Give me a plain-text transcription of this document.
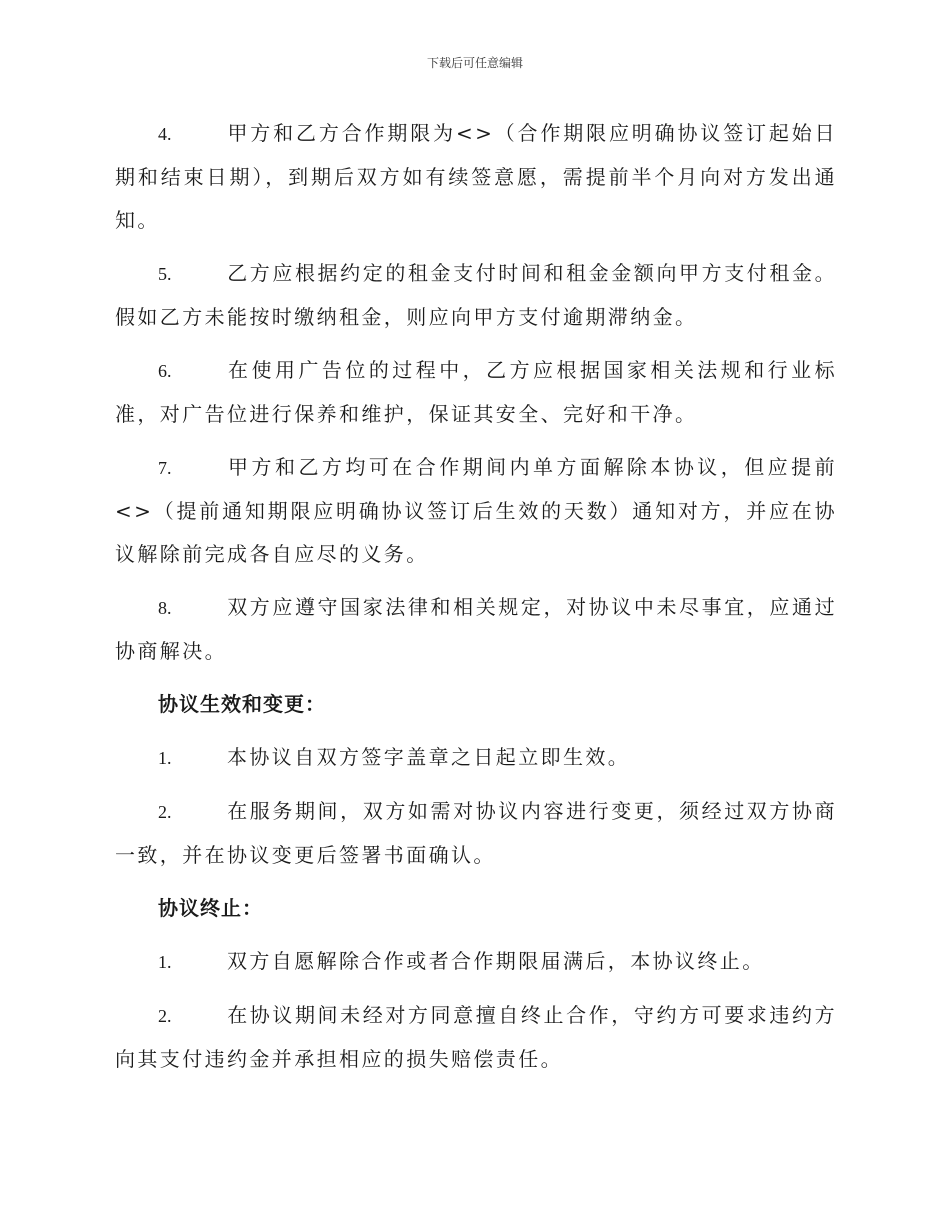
下载后可任意编辑
4.	甲方和乙方合作期限为<>（合作期限应明确协议签订起始日期和结束日期），到期后双方如有续签意愿，需提前半个月向对方发出通知。
5.	乙方应根据约定的租金支付时间和租金金额向甲方支付租金。假如乙方未能按时缴纳租金，则应向甲方支付逾期滞纳金。
6.	在使用广告位的过程中，乙方应根据国家相关法规和行业标准，对广告位进行保养和维护，保证其安全、完好和干净。
7.	甲方和乙方均可在合作期间内单方面解除本协议，但应提前<>（提前通知期限应明确协议签订后生效的天数）通知对方，并应在协议解除前完成各自应尽的义务。
8.	双方应遵守国家法律和相关规定，对协议中未尽事宜，应通过协商解决。
协议生效和变更：
1.	本协议自双方签字盖章之日起立即生效。
2.	在服务期间，双方如需对协议内容进行变更，须经过双方协商一致，并在协议变更后签署书面确认。
协议终止：
1.	双方自愿解除合作或者合作期限届满后，本协议终止。
2.	在协议期间未经对方同意擅自终止合作，守约方可要求违约方向其支付违约金并承担相应的损失赔偿责任。
